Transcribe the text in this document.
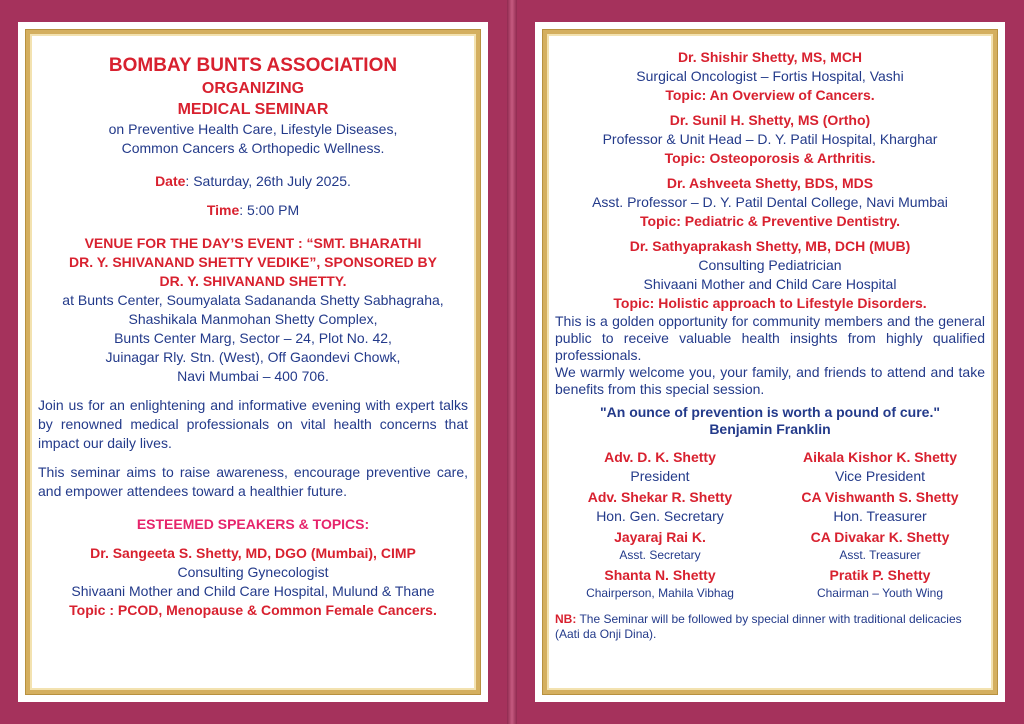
BOMBAY BUNTS ASSOCIATION
ORGANIZING
MEDICAL SEMINAR
on Preventive Health Care, Lifestyle Diseases,
Common Cancers & Orthopedic Wellness.
Date: Saturday, 26th July 2025.
Time: 5:00 PM
VENUE FOR THE DAY’S EVENT : “SMT. BHARATHI
DR. Y. SHIVANAND SHETTY VEDIKE”, SPONSORED BY
DR. Y. SHIVANAND SHETTY.
at Bunts Center, Soumyalata Sadananda Shetty Sabhagraha,
Shashikala Manmohan Shetty Complex,
Bunts Center Marg, Sector – 24, Plot No. 42,
Juinagar Rly. Stn. (West), Off Gaondevi Chowk,
Navi Mumbai – 400 706.
Join us for an enlightening and informative evening with expert talks by renowned medical professionals on vital health concerns that impact our daily lives.
This seminar aims to raise awareness, encourage preventive care, and empower attendees toward a healthier future.
ESTEEMED SPEAKERS & TOPICS:
Dr. Sangeeta S. Shetty, MD, DGO (Mumbai), CIMP
Consulting Gynecologist
Shivaani Mother and Child Care Hospital, Mulund & Thane
Topic : PCOD, Menopause & Common Female Cancers.
Dr. Shishir Shetty, MS, MCH
Surgical Oncologist – Fortis Hospital, Vashi
Topic: An Overview of Cancers.
Dr. Sunil H. Shetty, MS (Ortho)
Professor & Unit Head – D. Y. Patil Hospital, Kharghar
Topic: Osteoporosis & Arthritis.
Dr. Ashveeta Shetty, BDS, MDS
Asst. Professor – D. Y. Patil Dental College, Navi Mumbai
Topic: Pediatric & Preventive Dentistry.
Dr. Sathyaprakash Shetty, MB, DCH (MUB)
Consulting Pediatrician
Shivaani Mother and Child Care Hospital
Topic: Holistic approach to Lifestyle Disorders.
This is a golden opportunity for community members and the general public to receive valuable health insights from highly qualified professionals.
We warmly welcome you, your family, and friends to attend and take benefits from this special session.
"An ounce of prevention is worth a pound of cure."
Benjamin Franklin
Adv. D. K. Shetty
President
Aikala Kishor K. Shetty
Vice President
Adv. Shekar R. Shetty
Hon. Gen. Secretary
CA Vishwanth S. Shetty
Hon. Treasurer
Jayaraj Rai K.
Asst. Secretary
CA Divakar K. Shetty
Asst. Treasurer
Shanta N. Shetty
Chairperson, Mahila Vibhag
Pratik P. Shetty
Chairman – Youth Wing
NB: The Seminar will be followed by special dinner with traditional delicacies (Aati da Onji Dina).
